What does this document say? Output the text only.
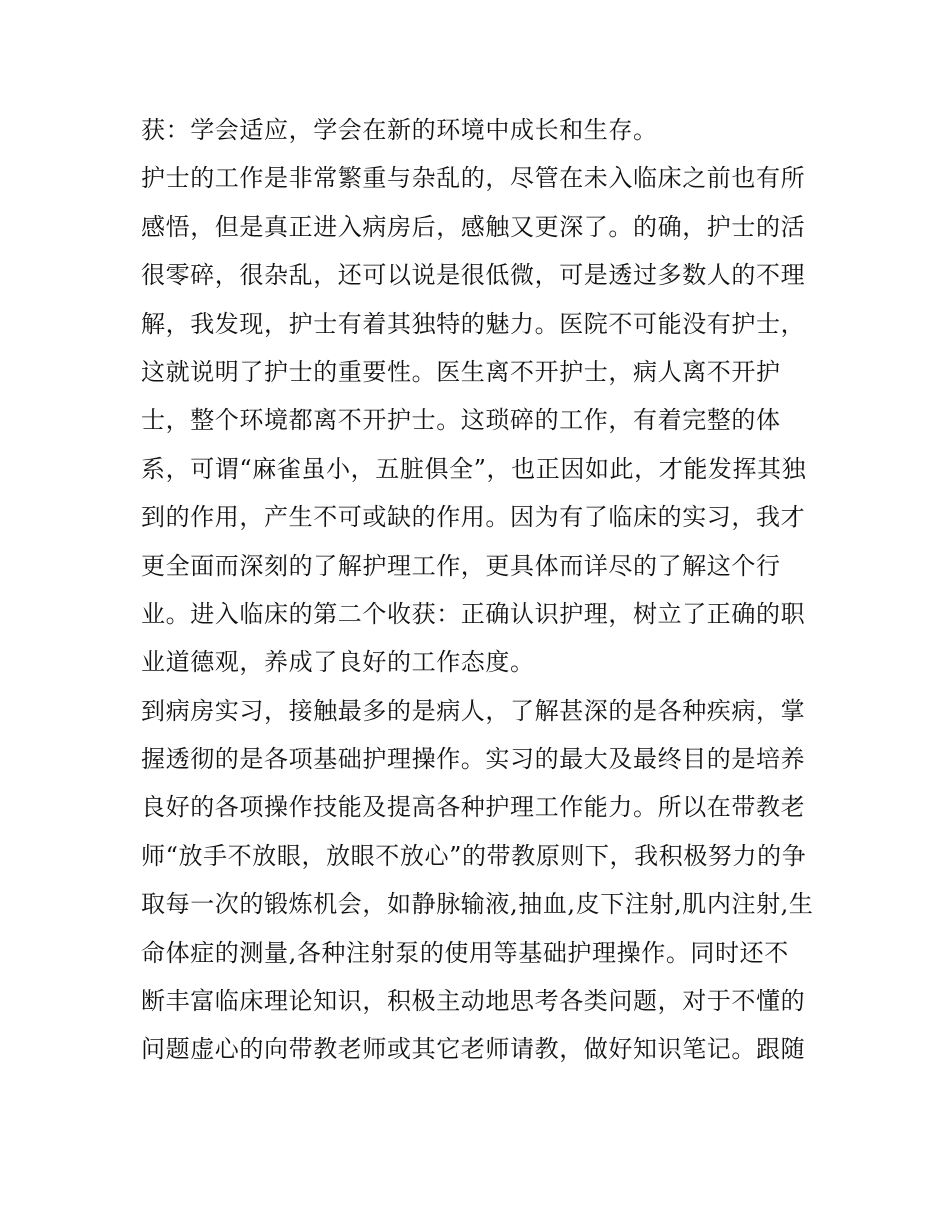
获：学会适应，学会在新的环境中成长和生存。
护士的工作是非常繁重与杂乱的，尽管在未入临床之前也有所
感悟，但是真正进入病房后，感触又更深了。的确，护士的活
很零碎，很杂乱，还可以说是很低微，可是透过多数人的不理
解，我发现，护士有着其独特的魅力。医院不可能没有护士，
这就说明了护士的重要性。医生离不开护士，病人离不开护
士，整个环境都离不开护士。这琐碎的工作，有着完整的体
系，可谓“麻雀虽小，五脏俱全”，也正因如此，才能发挥其独
到的作用，产生不可或缺的作用。因为有了临床的实习，我才
更全面而深刻的了解护理工作，更具体而详尽的了解这个行
业。进入临床的第二个收获：正确认识护理，树立了正确的职
业道德观，养成了良好的工作态度。
到病房实习，接触最多的是病人，了解甚深的是各种疾病，掌
握透彻的是各项基础护理操作。实习的最大及最终目的是培养
良好的各项操作技能及提高各种护理工作能力。所以在带教老
师“放手不放眼，放眼不放心”的带教原则下，我积极努力的争
取每一次的锻炼机会，如静脉输液,抽血,皮下注射,肌内注射,生
命体症的测量,各种注射泵的使用等基础护理操作。同时还不
断丰富临床理论知识，积极主动地思考各类问题，对于不懂的
问题虚心的向带教老师或其它老师请教，做好知识笔记。跟随
